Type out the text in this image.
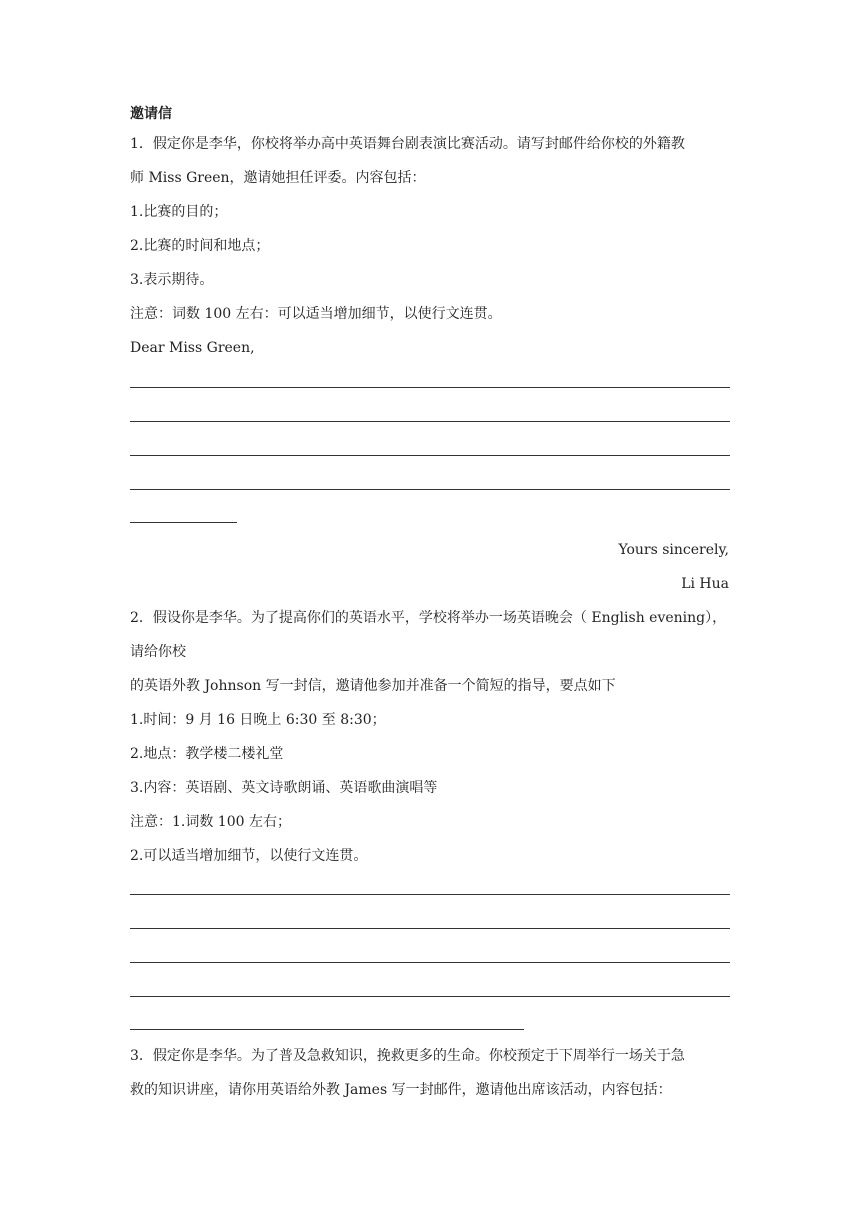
邀请信
1．假定你是李华，你校将举办高中英语舞台剧表演比赛活动。请写封邮件给你校的外籍教
师 Miss Green，邀请她担任评委。内容包括：
1.比赛的目的；
2.比赛的时间和地点；
3.表示期待。
注意：词数 100 左右：可以适当增加细节，以使行文连贯。
Dear Miss Green,
Yours sincerely,
Li Hua
2．假设你是李华。为了提高你们的英语水平，学校将举办一场英语晚会（ English evening），
请给你校
的英语外教 Johnson 写一封信，邀请他参加并准备一个简短的指导，要点如下
1.时间：9 月 16 日晚上 6:30 至 8:30；
2.地点：教学楼二楼礼堂
3.内容：英语剧、英文诗歌朗诵、英语歌曲演唱等
注意：1.词数 100 左右；
2.可以适当增加细节，以使行文连贯。
3．假定你是李华。为了普及急救知识，挽救更多的生命。你校预定于下周举行一场关于急
救的知识讲座，请你用英语给外教 James 写一封邮件，邀请他出席该活动，内容包括：
